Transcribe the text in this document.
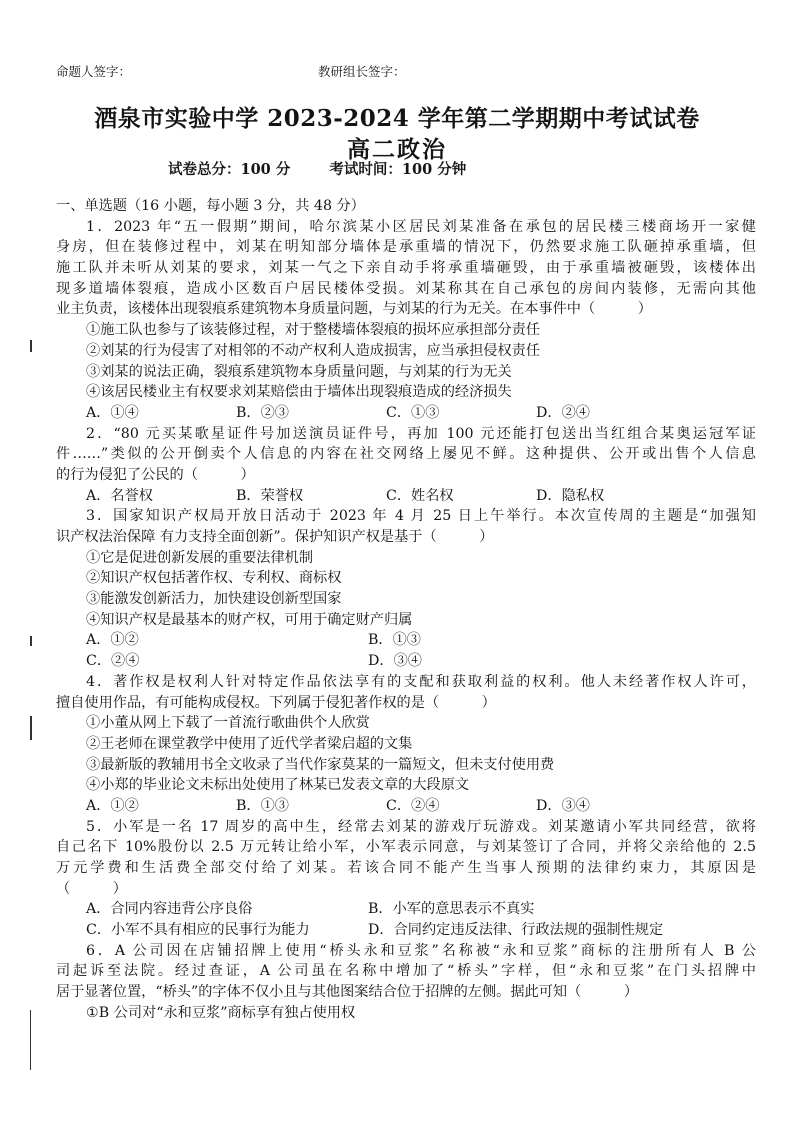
命题人签字：	教研组长签字：
酒泉市实验中学 2023-2024 学年第二学期期中考试试卷
高二政治
试卷总分：100 分	考试时间：100 分钟
一、单选题（16 小题，每小题 3 分，共 48 分）
1．2023 年“五一假期”期间，哈尔滨某小区居民刘某准备在承包的居民楼三楼商场开一家健
身房，但在装修过程中，刘某在明知部分墙体是承重墙的情况下，仍然要求施工队砸掉承重墙，但
施工队并未听从刘某的要求，刘某一气之下亲自动手将承重墙砸毁，由于承重墙被砸毁，该楼体出
现多道墙体裂痕，造成小区数百户居民楼体受损。刘某称其在自己承包的房间内装修，无需向其他
业主负责，该楼体出现裂痕系建筑物本身质量问题，与刘某的行为无关。在本事件中（　　　）
①施工队也参与了该装修过程，对于整楼墙体裂痕的损坏应承担部分责任
②刘某的行为侵害了对相邻的不动产权利人造成损害，应当承担侵权责任
③刘某的说法正确，裂痕系建筑物本身质量问题，与刘某的行为无关
④该居民楼业主有权要求刘某赔偿由于墙体出现裂痕造成的经济损失
A．①④	B．②③	C．①③	D．②④
2．“80 元买某歌星证件号加送演员证件号，再加 100 元还能打包送出当红组合某奥运冠军证
件……”类似的公开倒卖个人信息的内容在社交网络上屡见不鲜。这种提供、公开或出售个人信息
的行为侵犯了公民的（　　　）
A．名誉权	B．荣誉权	C．姓名权	D．隐私权
3．国家知识产权局开放日活动于 2023 年 4 月 25 日上午举行。本次宣传周的主题是“加强知
识产权法治保障 有力支持全面创新”。保护知识产权是基于（　　　）
①它是促进创新发展的重要法律机制
②知识产权包括著作权、专利权、商标权
③能激发创新活力，加快建设创新型国家
④知识产权是最基本的财产权，可用于确定财产归属
A．①②	B．①③
C．②④	D．③④
4．著作权是权利人针对特定作品依法享有的支配和获取利益的权利。他人未经著作权人许可，
擅自使用作品，有可能构成侵权。下列属于侵犯著作权的是（　　　）
①小董从网上下载了一首流行歌曲供个人欣赏
②王老师在课堂教学中使用了近代学者梁启超的文集
③最新版的教辅用书全文收录了当代作家莫某的一篇短文，但未支付使用费
④小郑的毕业论文未标出处使用了林某已发表文章的大段原文
A．①②	B．①③	C．②④	D．③④
5．小军是一名 17 周岁的高中生，经常去刘某的游戏厅玩游戏。刘某邀请小军共同经营，欲将
自己名下 10%股份以 2.5 万元转让给小军，小军表示同意，与刘某签订了合同，并将父亲给他的 2.5
万元学费和生活费全部交付给了刘某。若该合同不能产生当事人预期的法律约束力，其原因是
（　　　）
A．合同内容违背公序良俗	B．小军的意思表示不真实
C．小军不具有相应的民事行为能力	D．合同约定违反法律、行政法规的强制性规定
6．A 公司因在店铺招牌上使用“桥头永和豆浆”名称被“永和豆浆”商标的注册所有人 B 公
司起诉至法院。经过查证，A 公司虽在名称中增加了“桥头”字样，但“永和豆浆”在门头招牌中
居于显著位置，“桥头”的字体不仅小且与其他图案结合位于招牌的左侧。据此可知（　　　）
①B 公司对“永和豆浆”商标享有独占使用权
